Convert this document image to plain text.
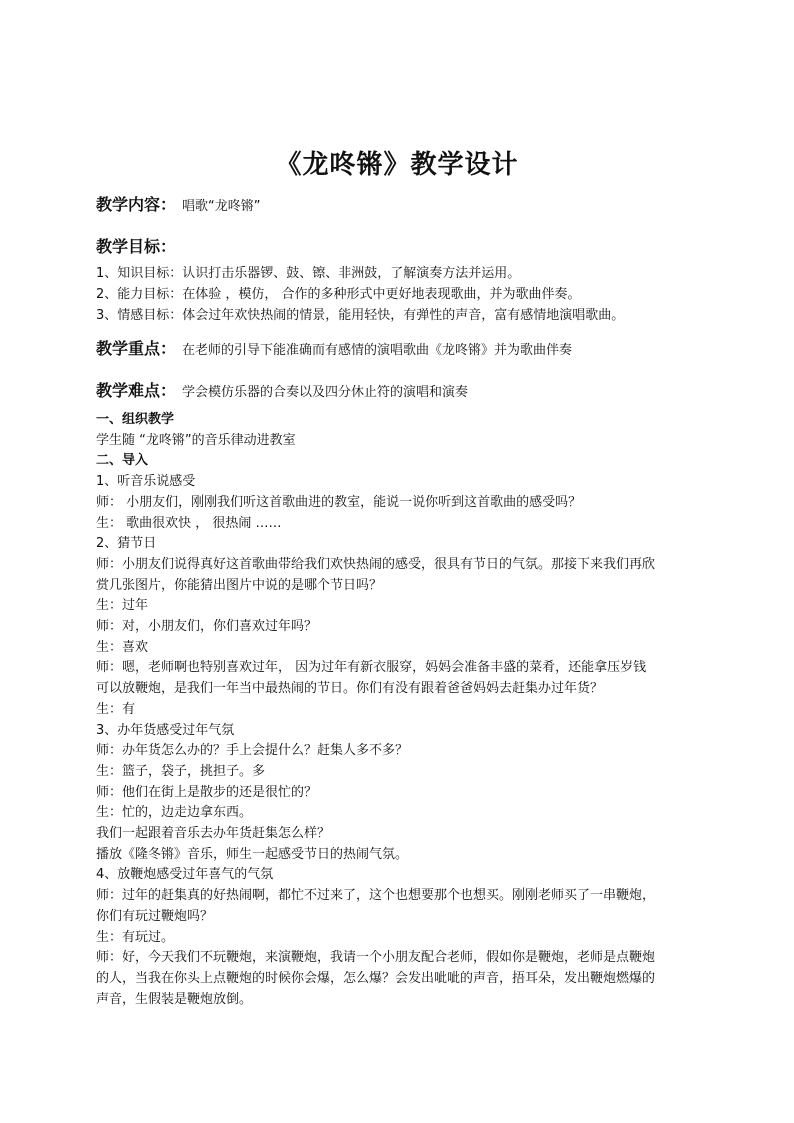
《龙咚锵》教学设计
教学内容： 唱歌“龙咚锵”
教学目标：
1、知识目标：认识打击乐器锣、鼓、镲、非洲鼓，了解演奏方法并运用。
2、能力目标：在体验 ，模仿， 合作的多种形式中更好地表现歌曲，并为歌曲伴奏。
3、情感目标：体会过年欢快热闹的情景，能用轻快，有弹性的声音，富有感情地演唱歌曲。
教学重点： 在老师的引导下能准确而有感情的演唱歌曲《龙咚锵》并为歌曲伴奏
教学难点： 学会模仿乐器的合奏以及四分休止符的演唱和演奏
一、组织教学
学生随 “龙咚锵”的音乐律动进教室
二、导入
1、听音乐说感受
师： 小朋友们，刚刚我们听这首歌曲进的教室，能说一说你听到这首歌曲的感受吗？
生： 歌曲很欢快 ， 很热闹 ……
2、猜节日
师：小朋友们说得真好这首歌曲带给我们欢快热闹的感受，很具有节日的气氛。那接下来我们再欣
赏几张图片，你能猜出图片中说的是哪个节日吗？
生：过年
师：对，小朋友们，你们喜欢过年吗？
生：喜欢
师：嗯，老师啊也特别喜欢过年， 因为过年有新衣服穿，妈妈会准备丰盛的菜肴，还能拿压岁钱
可以放鞭炮，是我们一年当中最热闹的节日。你们有没有跟着爸爸妈妈去赶集办过年货？
生：有
3、办年货感受过年气氛
师：办年货怎么办的？手上会提什么？赶集人多不多？
生：篮子，袋子，挑担子。多
师：他们在街上是散步的还是很忙的？
生：忙的，边走边拿东西。
我们一起跟着音乐去办年货赶集怎么样？
播放《隆冬锵》音乐，师生一起感受节日的热闹气氛。
4、放鞭炮感受过年喜气的气氛
师：过年的赶集真的好热闹啊，都忙不过来了，这个也想要那个也想买。刚刚老师买了一串鞭炮，
你们有玩过鞭炮吗？
生：有玩过。
师：好，今天我们不玩鞭炮，来演鞭炮，我请一个小朋友配合老师，假如你是鞭炮，老师是点鞭炮
的人，当我在你头上点鞭炮的时候你会爆，怎么爆？会发出呲呲的声音，捂耳朵，发出鞭炮燃爆的
声音，生假装是鞭炮放倒。
